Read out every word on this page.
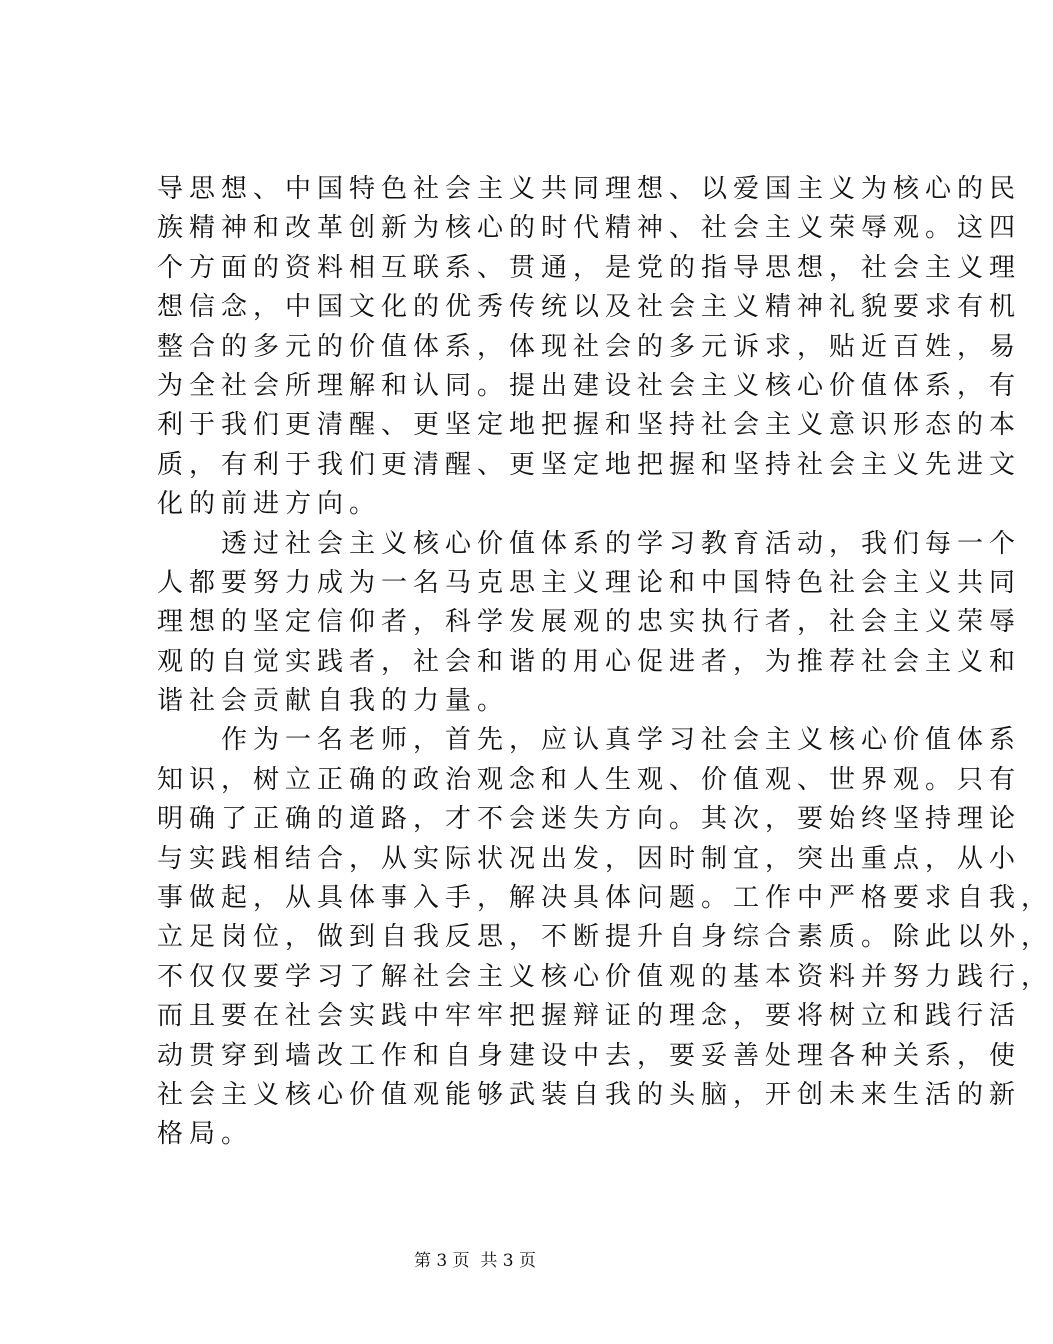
导思想、中国特色社会主义共同理想、以爱国主义为核心的民
族精神和改革创新为核心的时代精神、社会主义荣辱观。这四
个方面的资料相互联系、贯通，是党的指导思想，社会主义理
想信念，中国文化的优秀传统以及社会主义精神礼貌要求有机
整合的多元的价值体系，体现社会的多元诉求，贴近百姓，易
为全社会所理解和认同。提出建设社会主义核心价值体系，有
利于我们更清醒、更坚定地把握和坚持社会主义意识形态的本
质，有利于我们更清醒、更坚定地把握和坚持社会主义先进文
化的前进方向。
透过社会主义核心价值体系的学习教育活动，我们每一个
人都要努力成为一名马克思主义理论和中国特色社会主义共同
理想的坚定信仰者，科学发展观的忠实执行者，社会主义荣辱
观的自觉实践者，社会和谐的用心促进者，为推荐社会主义和
谐社会贡献自我的力量。
作为一名老师，首先，应认真学习社会主义核心价值体系
知识，树立正确的政治观念和人生观、价值观、世界观。只有
明确了正确的道路，才不会迷失方向。其次，要始终坚持理论
与实践相结合，从实际状况出发，因时制宜，突出重点，从小
事做起，从具体事入手，解决具体问题。工作中严格要求自我，
立足岗位，做到自我反思，不断提升自身综合素质。除此以外，
不仅仅要学习了解社会主义核心价值观的基本资料并努力践行，
而且要在社会实践中牢牢把握辩证的理念，要将树立和践行活
动贯穿到墙改工作和自身建设中去，要妥善处理各种关系，使
社会主义核心价值观能够武装自我的头脑，开创未来生活的新
格局。
第 3 页  共 3 页
